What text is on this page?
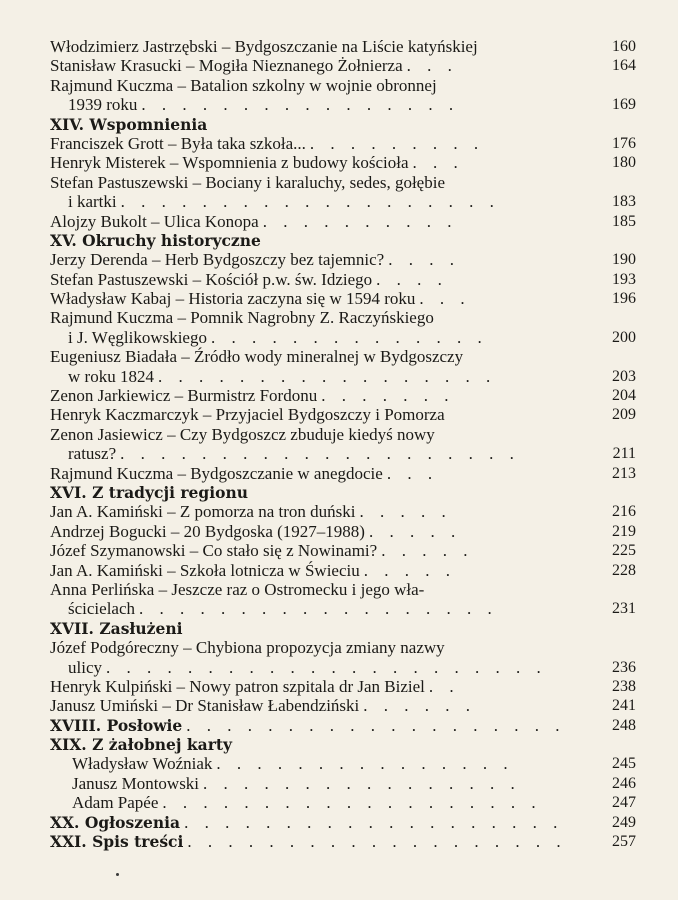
Włodzimierz Jastrzębski – Bydgoszczanie na Liście katyńskiej	160
Stanisław Krasucki – Mogiła Nieznanego Żołnierza . . .	164
Rajmund Kuczma – Batalion szkolny w wojnie obronnej
1939 roku . . . . . . . . . . . . . . . .	169
XIV. Wspomnienia
Franciszek Grott – Była taka szkoła... . . . . . . . . .	176
Henryk Misterek – Wspomnienia z budowy kościoła . . .	180
Stefan Pastuszewski – Bociany i karaluchy, sedes, gołębie
i kartki . . . . . . . . . . . . . . . . . . .	183
Alojzy Bukolt – Ulica Konopa . . . . . . . . . .	185
XV. Okruchy historyczne
Jerzy Derenda – Herb Bydgoszczy bez tajemnic? . . . .	190
Stefan Pastuszewski – Kościół p.w. św. Idziego . . . .	193
Władysław Kabaj – Historia zaczyna się w 1594 roku . . .	196
Rajmund Kuczma – Pomnik Nagrobny Z. Raczyńskiego
i J. Węglikowskiego . . . . . . . . . . . . . .	200
Eugeniusz Biadała – Źródło wody mineralnej w Bydgoszczy
w roku 1824 . . . . . . . . . . . . . . . . .	203
Zenon Jarkiewicz – Burmistrz Fordonu . . . . . . .	204
Henryk Kaczmarczyk – Przyjaciel Bydgoszczy i Pomorza	209
Zenon Jasiewicz – Czy Bydgoszcz zbuduje kiedyś nowy
ratusz? . . . . . . . . . . . . . . . . . . . .	211
Rajmund Kuczma – Bydgoszczanie w anegdocie . . .	213
XVI. Z tradycji regionu
Jan A. Kamiński – Z pomorza na tron duński . . . . .	216
Andrzej Bogucki – 20 Bydgoska (1927–1988) . . . . .	219
Józef Szymanowski – Co stało się z Nowinami? . . . . .	225
Jan A. Kamiński – Szkoła lotnicza w Świeciu . . . . .	228
Anna Perlińska – Jeszcze raz o Ostromecku i jego wła-
ścicielach . . . . . . . . . . . . . . . . . .	231
XVII. Zasłużeni
Józef Podgóreczny – Chybiona propozycja zmiany nazwy
ulicy . . . . . . . . . . . . . . . . . . . . . .	236
Henryk Kulpiński – Nowy patron szpitala dr Jan Biziel . .	238
Janusz Umiński – Dr Stanisław Łabendziński . . . . . .	241
XVIII. Posłowie . . . . . . . . . . . . . . . . . . .	248
XIX. Z żałobnej karty
Władysław Woźniak . . . . . . . . . . . . . . .	245
Janusz Montowski . . . . . . . . . . . . . . . .	246
Adam Papée . . . . . . . . . . . . . . . . . . .	247
XX. Ogłoszenia . . . . . . . . . . . . . . . . . . .	249
XXI. Spis treści . . . . . . . . . . . . . . . . . . .	257
